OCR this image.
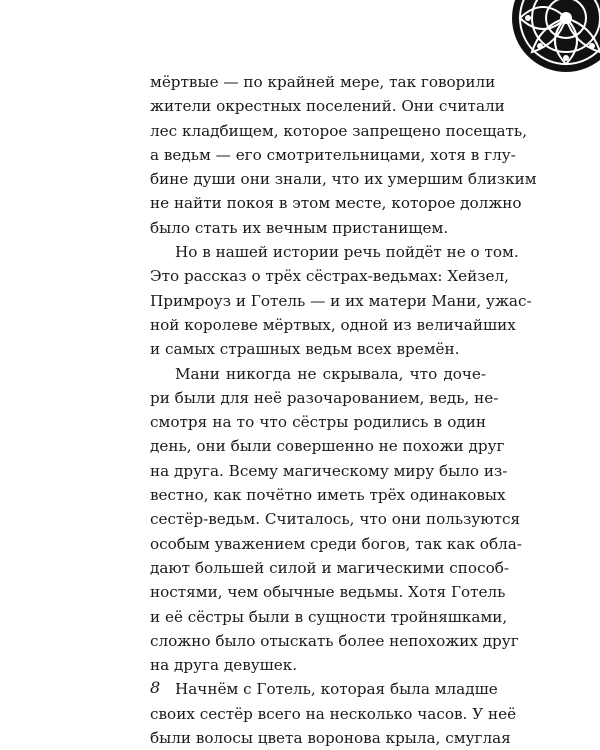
мёртвые — по крайней мере, так говорили
жители окрестных поселений. Они считали
лес кладбищем, которое запрещено посещать,
а ведьм — его смотрительницами, хотя в глу-
бине души они знали, что их умершим близким
не найти покоя в этом месте, которое должно
было стать их вечным пристанищем.
Но в нашей истории речь пойдёт не о том.
Это рассказ о трёх сёстрах-ведьмах: Хейзел,
Примроуз и Готель — и их матери Мани, ужас-
ной королеве мёртвых, одной из величайших
и самых страшных ведьм всех времён.
Мани никогда не скрывала, что доче-
ри были для неё разочарованием, ведь, не-
смотря на то что сёстры родились в один
день, они были совершенно не похожи друг
на друга. Всему магическому миру было из-
вестно, как почётно иметь трёх одинаковых
сестёр-ведьм. Считалось, что они пользуются
особым уважением среди богов, так как обла-
дают большей силой и магическими способ-
ностями, чем обычные ведьмы. Хотя Готель
и её сёстры были в сущности тройняшками,
сложно было отыскать более непохожих друг
на друга девушек.
Начнём с Готель, которая была младше
своих сестёр всего на несколько часов. У неё
были волосы цвета воронова крыла, смуглая
8
